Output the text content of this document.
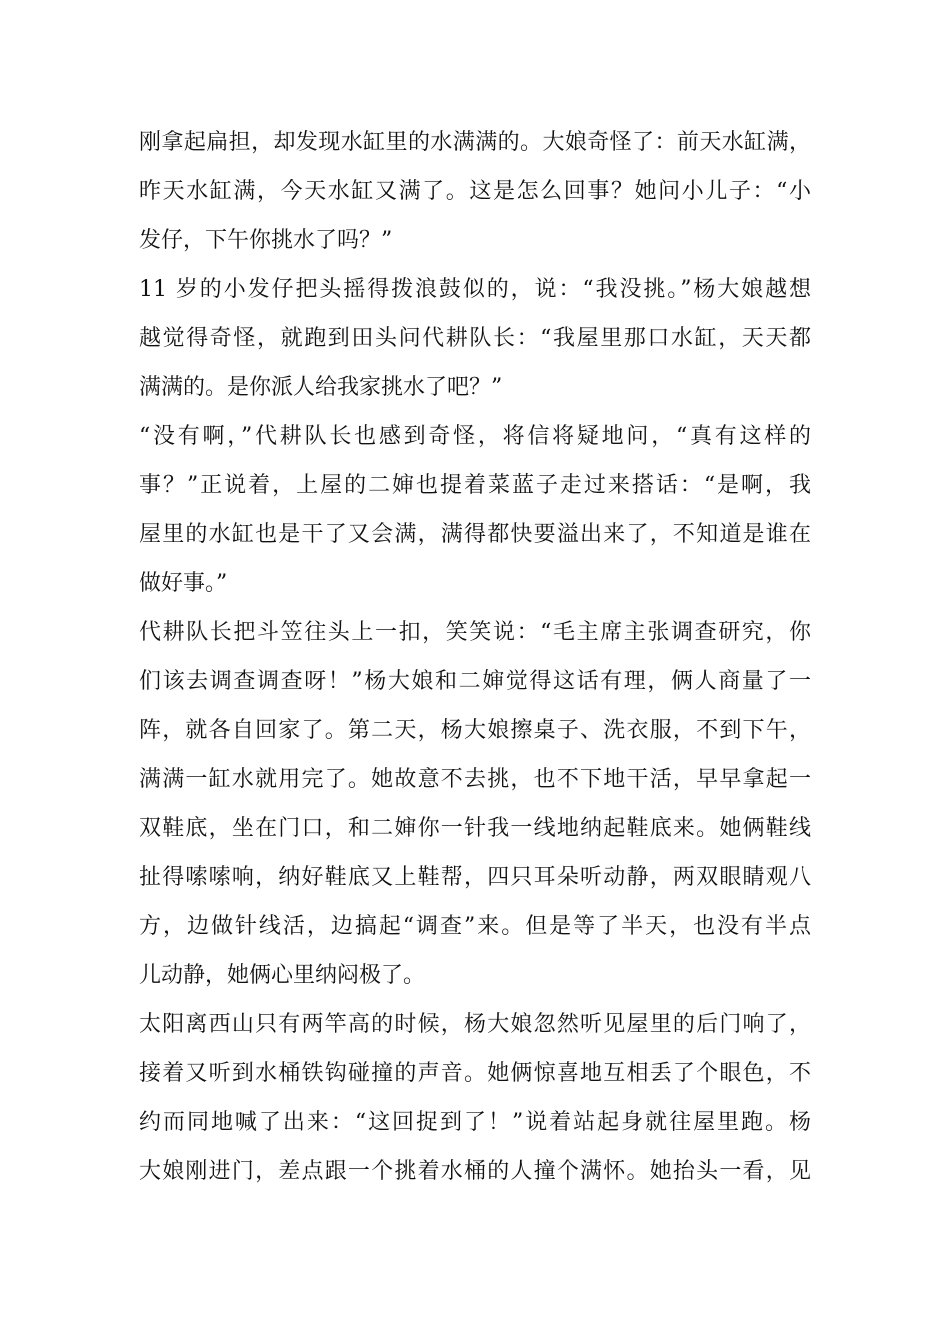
刚拿起扁担，却发现水缸里的水满满的。大娘奇怪了：前天水缸满，
昨天水缸满，今天水缸又满了。这是怎么回事？她问小儿子：“小
发仔，下午你挑水了吗？”
11 岁的小发仔把头摇得拨浪鼓似的，说：“我没挑。”杨大娘越想
越觉得奇怪，就跑到田头问代耕队长：“我屋里那口水缸，天天都
满满的。是你派人给我家挑水了吧？”
“没有啊，”代耕队长也感到奇怪，将信将疑地问，“真有这样的
事？”正说着，上屋的二婶也提着菜蓝子走过来搭话：“是啊，我
屋里的水缸也是干了又会满，满得都快要溢出来了，不知道是谁在
做好事。”
代耕队长把斗笠往头上一扣，笑笑说：“毛主席主张调查研究，你
们该去调查调查呀！”杨大娘和二婶觉得这话有理，俩人商量了一
阵，就各自回家了。第二天，杨大娘擦桌子、洗衣服，不到下午，
满满一缸水就用完了。她故意不去挑，也不下地干活，早早拿起一
双鞋底，坐在门口，和二婶你一针我一线地纳起鞋底来。她俩鞋线
扯得嗦嗦响，纳好鞋底又上鞋帮，四只耳朵听动静，两双眼睛观八
方，边做针线活，边搞起“调查”来。但是等了半天，也没有半点
儿动静，她俩心里纳闷极了。
太阳离西山只有两竿高的时候，杨大娘忽然听见屋里的后门响了，
接着又听到水桶铁钩碰撞的声音。她俩惊喜地互相丢了个眼色，不
约而同地喊了出来：“这回捉到了！”说着站起身就往屋里跑。杨
大娘刚进门，差点跟一个挑着水桶的人撞个满怀。她抬头一看，见
